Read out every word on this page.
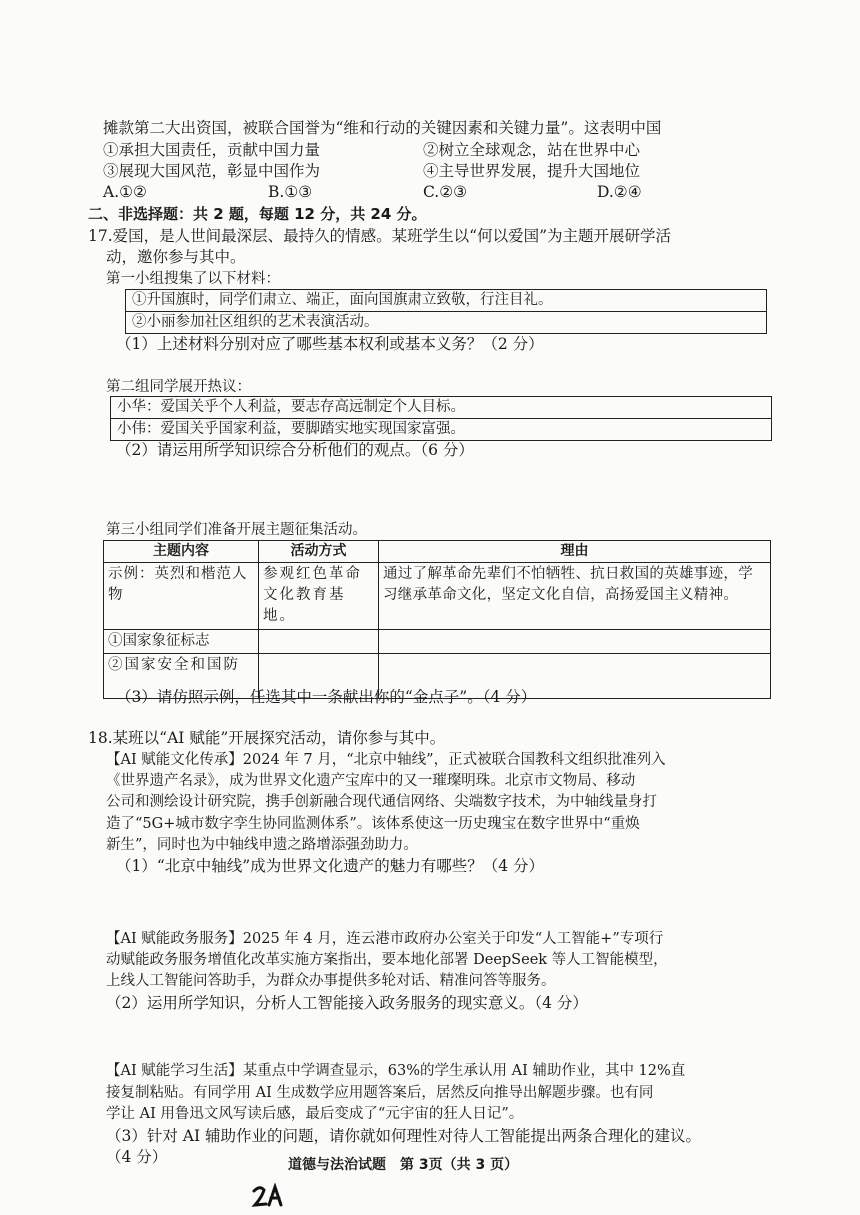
摊款第二大出资国，被联合国誉为“维和行动的关键因素和关键力量”。这表明中国
①承担大国责任，贡献中国力量	②树立全球观念，站在世界中心
③展现大国风范，彰显中国作为	④主导世界发展，提升大国地位
A.①②	B.①③	C.②③	D.②④
二、非选择题：共 2 题，每题 12 分，共 24 分。
17.爱国，是人世间最深层、最持久的情感。某班学生以“何以爱国”为主题开展研学活
动，邀你参与其中。
第一小组搜集了以下材料：
①升国旗时，同学们肃立、端正，面向国旗肃立致敬，行注目礼。
②小丽参加社区组织的艺术表演活动。
（1）上述材料分别对应了哪些基本权利或基本义务？（2 分）
第二组同学展开热议：
小华：爱国关乎个人利益，要志存高远制定个人目标。
小伟：爱国关乎国家利益，要脚踏实地实现国家富强。
（2）请运用所学知识综合分析他们的观点。（6 分）
第三小组同学们准备开展主题征集活动。
主题内容	活动方式	理由
示例：英烈和楷范人物	参观红色革命文化教育基地。	通过了解革命先辈们不怕牺牲、抗日救国的英雄事迹，学习继承革命文化，坚定文化自信，高扬爱国主义精神。
①国家象征标志		
②国家安全和国防		
（3）请仿照示例，任选其中一条献出你的“金点子”。（4 分）
18.某班以“AI 赋能”开展探究活动，请你参与其中。
【AI 赋能文化传承】2024 年 7 月，“北京中轴线”，正式被联合国教科文组织批准列入
《世界遗产名录》，成为世界文化遗产宝库中的又一璀璨明珠。北京市文物局、移动
公司和测绘设计研究院，携手创新融合现代通信网络、尖端数字技术，为中轴线量身打
造了“5G+城市数字孪生协同监测体系”。该体系使这一历史瑰宝在数字世界中“重焕
新生”，同时也为中轴线申遗之路增添强劲助力。
（1）“北京中轴线”成为世界文化遗产的魅力有哪些？（4 分）
【AI 赋能政务服务】2025 年 4 月，连云港市政府办公室关于印发“人工智能+”专项行
动赋能政务服务增值化改革实施方案指出，要本地化部署 DeepSeek 等人工智能模型，
上线人工智能问答助手，为群众办事提供多轮对话、精准问答等服务。
（2）运用所学知识，分析人工智能接入政务服务的现实意义。（4 分）
【AI 赋能学习生活】某重点中学调查显示，63%的学生承认用 AI 辅助作业，其中 12%直
接复制粘贴。有同学用 AI 生成数学应用题答案后，居然反向推导出解题步骤。也有同
学让 AI 用鲁迅文风写读后感，最后变成了“元宇宙的狂人日记”。
（3）针对 AI 辅助作业的问题，请你就如何理性对待人工智能提出两条合理化的建议。
（4 分）	道德与法治试题　第 3页（共 3 页）
